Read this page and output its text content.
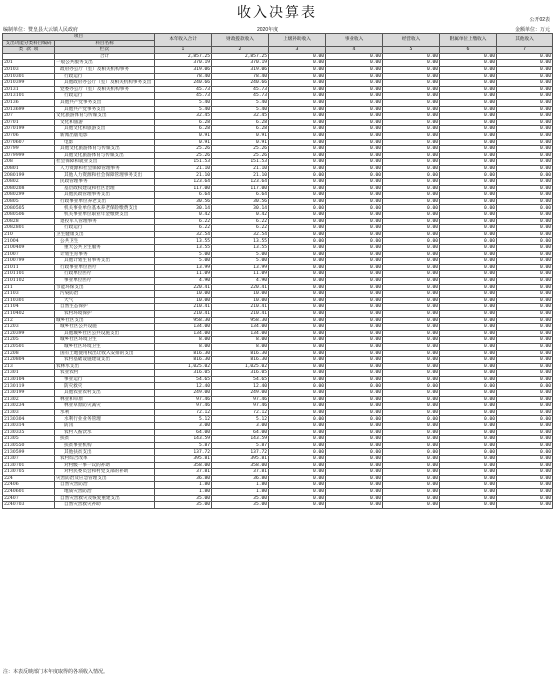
收入决算表	公开02表
编制单位：赞皇县大云镇人民政府	2020年度	金额单位：万元
项目		本年收入合计	财政拨款收入	上级补助收入	事业收入	经营收入	附属单位上缴收入	其他收入
支出功能分类科目编码	科目名称							
类 款 项	栏次	1	2	3	4	5	6	7
	合计	2,857.25	2,857.25	0.00	0.00	0.00	0.00	0.00
201	一般公共服务支出	370.19	370.19	0.00	0.00	0.00	0.00	0.00
20103	政府办公厅（室）及相关机构事务	319.06	319.06	0.00	0.00	0.00	0.00	0.00
2010301	行政运行	78.40	78.40	0.00	0.00	0.00	0.00	0.00
2010399	其他政府办公厅（室）及相关机构事务支出	240.66	240.66	0.00	0.00	0.00	0.00	0.00
20131	党委办公厅（室）及相关机构事务	45.73	45.73	0.00	0.00	0.00	0.00	0.00
2013101	行政运行	45.73	45.73	0.00	0.00	0.00	0.00	0.00
20136	其他共产党事务支出	5.40	5.40	0.00	0.00	0.00	0.00	0.00
2013699	其他共产党事务支出	5.40	5.40	0.00	0.00	0.00	0.00	0.00
207	文化旅游体育与传媒支出	32.45	32.45	0.00	0.00	0.00	0.00	0.00
20701	文化和旅游	6.28	6.28	0.00	0.00	0.00	0.00	0.00
2070199	其他文化和旅游支出	6.28	6.28	0.00	0.00	0.00	0.00	0.00
20706	新闻出版电影	0.91	0.91	0.00	0.00	0.00	0.00	0.00
2070607	电影	0.91	0.91	0.00	0.00	0.00	0.00	0.00
20799	其他文化旅游体育与传媒支出	25.26	25.26	0.00	0.00	0.00	0.00	0.00
2079999	其他文化旅游体育与传媒支出	25.26	25.26	0.00	0.00	0.00	0.00	0.00
208	社会保障和就业支出	151.53	151.53	0.00	0.00	0.00	0.00	0.00
20801	人力资源和社会保障管理事务	21.10	21.10	0.00	0.00	0.00	0.00	0.00
2080199	其他人力资源和社会保障管理事务支出	21.10	21.10	0.00	0.00	0.00	0.00	0.00
20802	民政管理事务	123.64	123.64	0.00	0.00	0.00	0.00	0.00
2080208	基层政权建设和社区治理	117.00	117.00	0.00	0.00	0.00	0.00	0.00
2080299	其他民政管理事务支出	6.64	6.64	0.00	0.00	0.00	0.00	0.00
20805	行政事业单位养老支出	30.56	30.56	0.00	0.00	0.00	0.00	0.00
2080505	机关事业单位基本养老保险缴费支出	30.14	30.14	0.00	0.00	0.00	0.00	0.00
2080506	机关事业单位职业年金缴费支出	0.42	0.42	0.00	0.00	0.00	0.00	0.00
20828	退役军人管理事务	6.22	6.22	0.00	0.00	0.00	0.00	0.00
2082801	行政运行	6.22	6.22	0.00	0.00	0.00	0.00	0.00
210	卫生健康支出	32.54	32.54	0.00	0.00	0.00	0.00	0.00
21004	公共卫生	13.55	13.55	0.00	0.00	0.00	0.00	0.00
2100409	重大公共卫生服务	13.55	13.55	0.00	0.00	0.00	0.00	0.00
21007	计划生育事务	5.00	5.00	0.00	0.00	0.00	0.00	0.00
2100799	其他计划生育事务支出	5.00	5.00	0.00	0.00	0.00	0.00	0.00
21011	行政事业单位医疗	13.99	13.99	0.00	0.00	0.00	0.00	0.00
2101101	行政单位医疗	11.09	11.09	0.00	0.00	0.00	0.00	0.00
2101102	事业单位医疗	4.90	4.90	0.00	0.00	0.00	0.00	0.00
211	节能环保支出	220.41	220.41	0.00	0.00	0.00	0.00	0.00
21103	污染防治	10.00	10.00	0.00	0.00	0.00	0.00	0.00
2110301	大气	10.00	10.00	0.00	0.00	0.00	0.00	0.00
21104	自然生态保护	210.41	210.41	0.00	0.00	0.00	0.00	0.00
2110402	农村环境保护	210.41	210.41	0.00	0.00	0.00	0.00	0.00
212	城乡社区支出	958.30	958.30	0.00	0.00	0.00	0.00	0.00
21203	城乡社区公共设施	134.00	134.00	0.00	0.00	0.00	0.00	0.00
2120399	其他城乡社区公共设施支出	134.00	134.00	0.00	0.00	0.00	0.00	0.00
21205	城乡社区环境卫生	8.00	8.00	0.00	0.00	0.00	0.00	0.00
2120501	城乡社区环境卫生	8.00	8.00	0.00	0.00	0.00	0.00	0.00
21208	国有土地使用权出让收入安排的支出	816.30	816.30	0.00	0.00	0.00	0.00	0.00
2120804	农村基础设施建设支出	816.30	816.30	0.00	0.00	0.00	0.00	0.00
213	农林水支出	1,025.02	1,025.02	0.00	0.00	0.00	0.00	0.00
21301	农业农村	316.05	316.05	0.00	0.00	0.00	0.00	0.00
2130104	事业运行	54.65	54.65	0.00	0.00	0.00	0.00	0.00
2130119	防灾救灾	12.40	12.40	0.00	0.00	0.00	0.00	0.00
2130199	其他农业农村支出	249.00	249.00	0.00	0.00	0.00	0.00	0.00
21302	林业和草原	97.46	97.46	0.00	0.00	0.00	0.00	0.00
2130234	林业草原防灾减灾	97.46	97.46	0.00	0.00	0.00	0.00	0.00
21303	水利	72.12	72.12	0.00	0.00	0.00	0.00	0.00
2130304	水利行业业务管理	5.12	5.12	0.00	0.00	0.00	0.00	0.00
2130314	防汛	3.00	3.00	0.00	0.00	0.00	0.00	0.00
2130335	农村人畜饮水	64.00	64.00	0.00	0.00	0.00	0.00	0.00
21305	扶贫	143.59	143.59	0.00	0.00	0.00	0.00	0.00
2130550	扶贫事业机构	5.87	5.87	0.00	0.00	0.00	0.00	0.00
2130599	其他扶贫支出	137.72	137.72	0.00	0.00	0.00	0.00	0.00
21307	农村综合改革	395.81	395.81	0.00	0.00	0.00	0.00	0.00
2130701	对村级一事一议的补助	358.00	358.00	0.00	0.00	0.00	0.00	0.00
2130705	对村民委员会和村党支部的补助	37.81	37.81	0.00	0.00	0.00	0.00	0.00
224	灾害防治及应急管理支出	36.80	36.80	0.00	0.00	0.00	0.00	0.00
22406	自然灾害防治	1.80	1.80	0.00	0.00	0.00	0.00	0.00
2240601	地质灾害防治	1.80	1.80	0.00	0.00	0.00	0.00	0.00
22407	自然灾害救灾及恢复重建支出	35.00	35.00	0.00	0.00	0.00	0.00	0.00
2240703	自然灾害救灾补助	35.00	35.00	0.00	0.00	0.00	0.00	0.00
注：本表反映部门本年度取得的各项收入情况。
